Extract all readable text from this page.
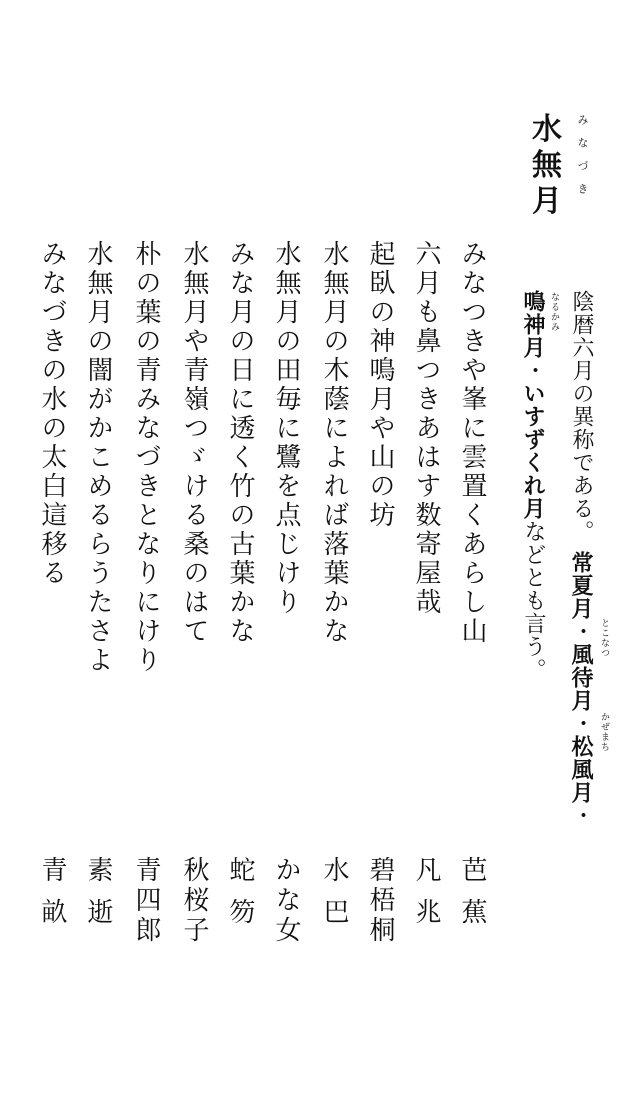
水
無
月 みなづき
陰暦六月の異称である。 常夏月・風待月・松風月・
鳴神月・いすずくれ月などとも言う。
みなつきや峯に雲置くあらし山
芭 蕉
六月も鼻つきあはす数寄屋哉
凡 兆
起臥の神鳴月や山の坊
碧梧桐
水無月の木蔭によれば落葉かな
水 巴
水無月の田毎に鷺を点じけり
かな女
みな月の日に透く竹の古葉かな
蛇 笏
水無月や青嶺つゞける桑のはて
秋桜子
朴の葉の青みなづきとなりにけり
青四郎
水無月の闇がかこめるらうたさよ
素 逝
みなづきの水の太白這移る
青 畝
とこなつ
かぜまち
なるかみ
